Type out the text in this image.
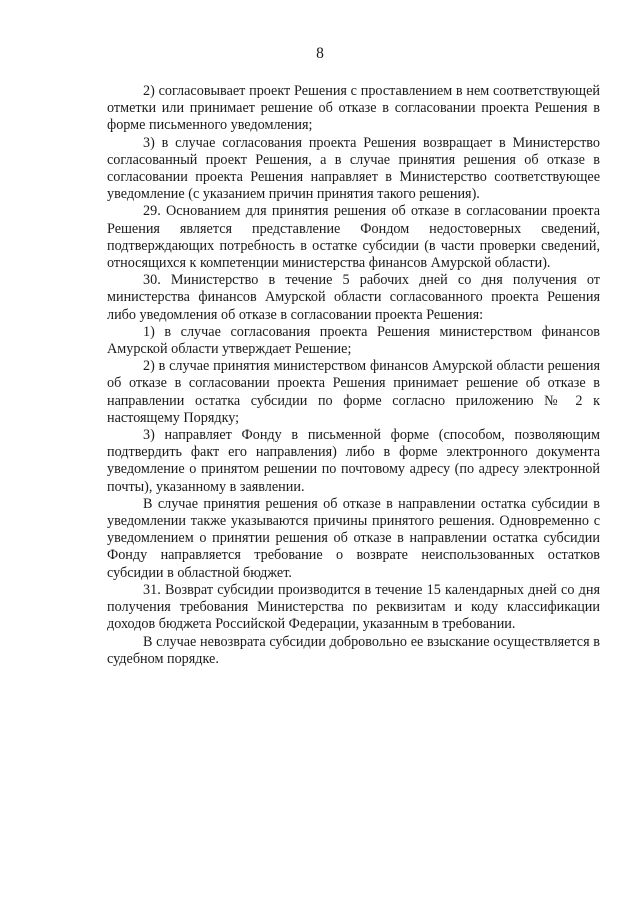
8

2) согласовывает проект Решения с проставлением в нем соответствующей отметки или принимает решение об отказе в согласовании проекта Решения в форме письменного уведомления;

3) в случае согласования проекта Решения возвращает в Министерство согласованный проект Решения, а в случае принятия решения об отказе в согласовании проекта Решения направляет в Министерство соответствующее уведомление (с указанием причин принятия такого решения).

29. Основанием для принятия решения об отказе в согласовании проекта Решения является представление Фондом недостоверных сведений, подтверждающих потребность в остатке субсидии (в части проверки сведений, относящихся к компетенции министерства финансов Амурской области).

30. Министерство в течение 5 рабочих дней со дня получения от министерства финансов Амурской области согласованного проекта Решения либо уведомления об отказе в согласовании проекта Решения:

1) в случае согласования проекта Решения министерством финансов Амурской области утверждает Решение;

2) в случае принятия министерством финансов Амурской области решения об отказе в согласовании проекта Решения принимает решение об отказе в направлении остатка субсидии по форме согласно приложению № 2 к настоящему Порядку;

3) направляет Фонду в письменной форме (способом, позволяющим подтвердить факт его направления) либо в форме электронного документа уведомление о принятом решении по почтовому адресу (по адресу электронной почты), указанному в заявлении.

В случае принятия решения об отказе в направлении остатка субсидии в уведомлении также указываются причины принятого решения. Одновременно с уведомлением о принятии решения об отказе в направлении остатка субсидии Фонду направляется требование о возврате неиспользованных остатков субсидии в областной бюджет.

31. Возврат субсидии производится в течение 15 календарных дней со дня получения требования Министерства по реквизитам и коду классификации доходов бюджета Российской Федерации, указанным в требовании.

В случае невозврата субсидии добровольно ее взыскание осуществляется в судебном порядке.
